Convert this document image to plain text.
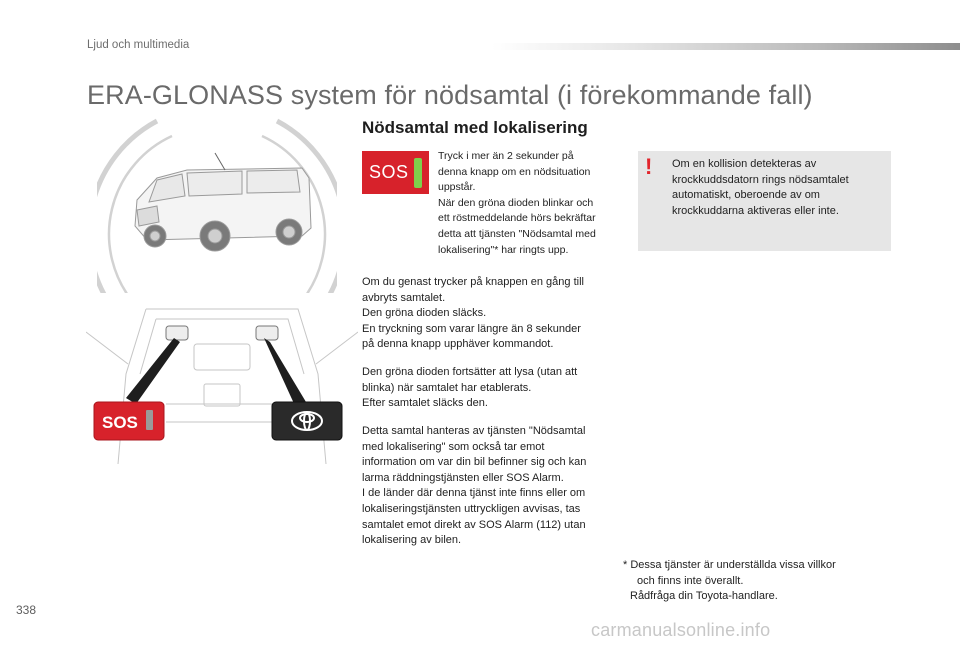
Ljud och multimedia
ERA-GLONASS system för nödsamtal (i förekommande fall)
SOS
Nödsamtal med lokalisering
SOS
Tryck i mer än 2 sekunder på
denna knapp om en nödsituation
uppstår.
När den gröna dioden blinkar och
ett röstmeddelande hörs bekräftar
detta att tjänsten "Nödsamtal med
lokalisering"* har ringts upp.
Om du genast trycker på knappen en gång till
avbryts samtalet.
Den gröna dioden släcks.
En tryckning som varar längre än 8 sekunder
på denna knapp upphäver kommandot.
Den gröna dioden fortsätter att lysa (utan att
blinka) när samtalet har etablerats.
Efter samtalet släcks den.
Detta samtal hanteras av tjänsten "Nödsamtal
med lokalisering" som också tar emot
information om var din bil befinner sig och kan
larma räddningstjänsten eller SOS Alarm.
I de länder där denna tjänst inte finns eller om
lokaliseringstjänsten uttryckligen avvisas, tas
samtalet emot direkt av SOS Alarm (112) utan
lokalisering av bilen.
! Om en kollision detekteras av
krockkuddsdatorn rings nödsamtalet
automatiskt, oberoende av om
krockkuddarna aktiveras eller inte.
* Dessa tjänster är underställda vissa villkor
och finns inte överallt.
Rådfråga din Toyota-handlare.
338
carmanualsonline.info
